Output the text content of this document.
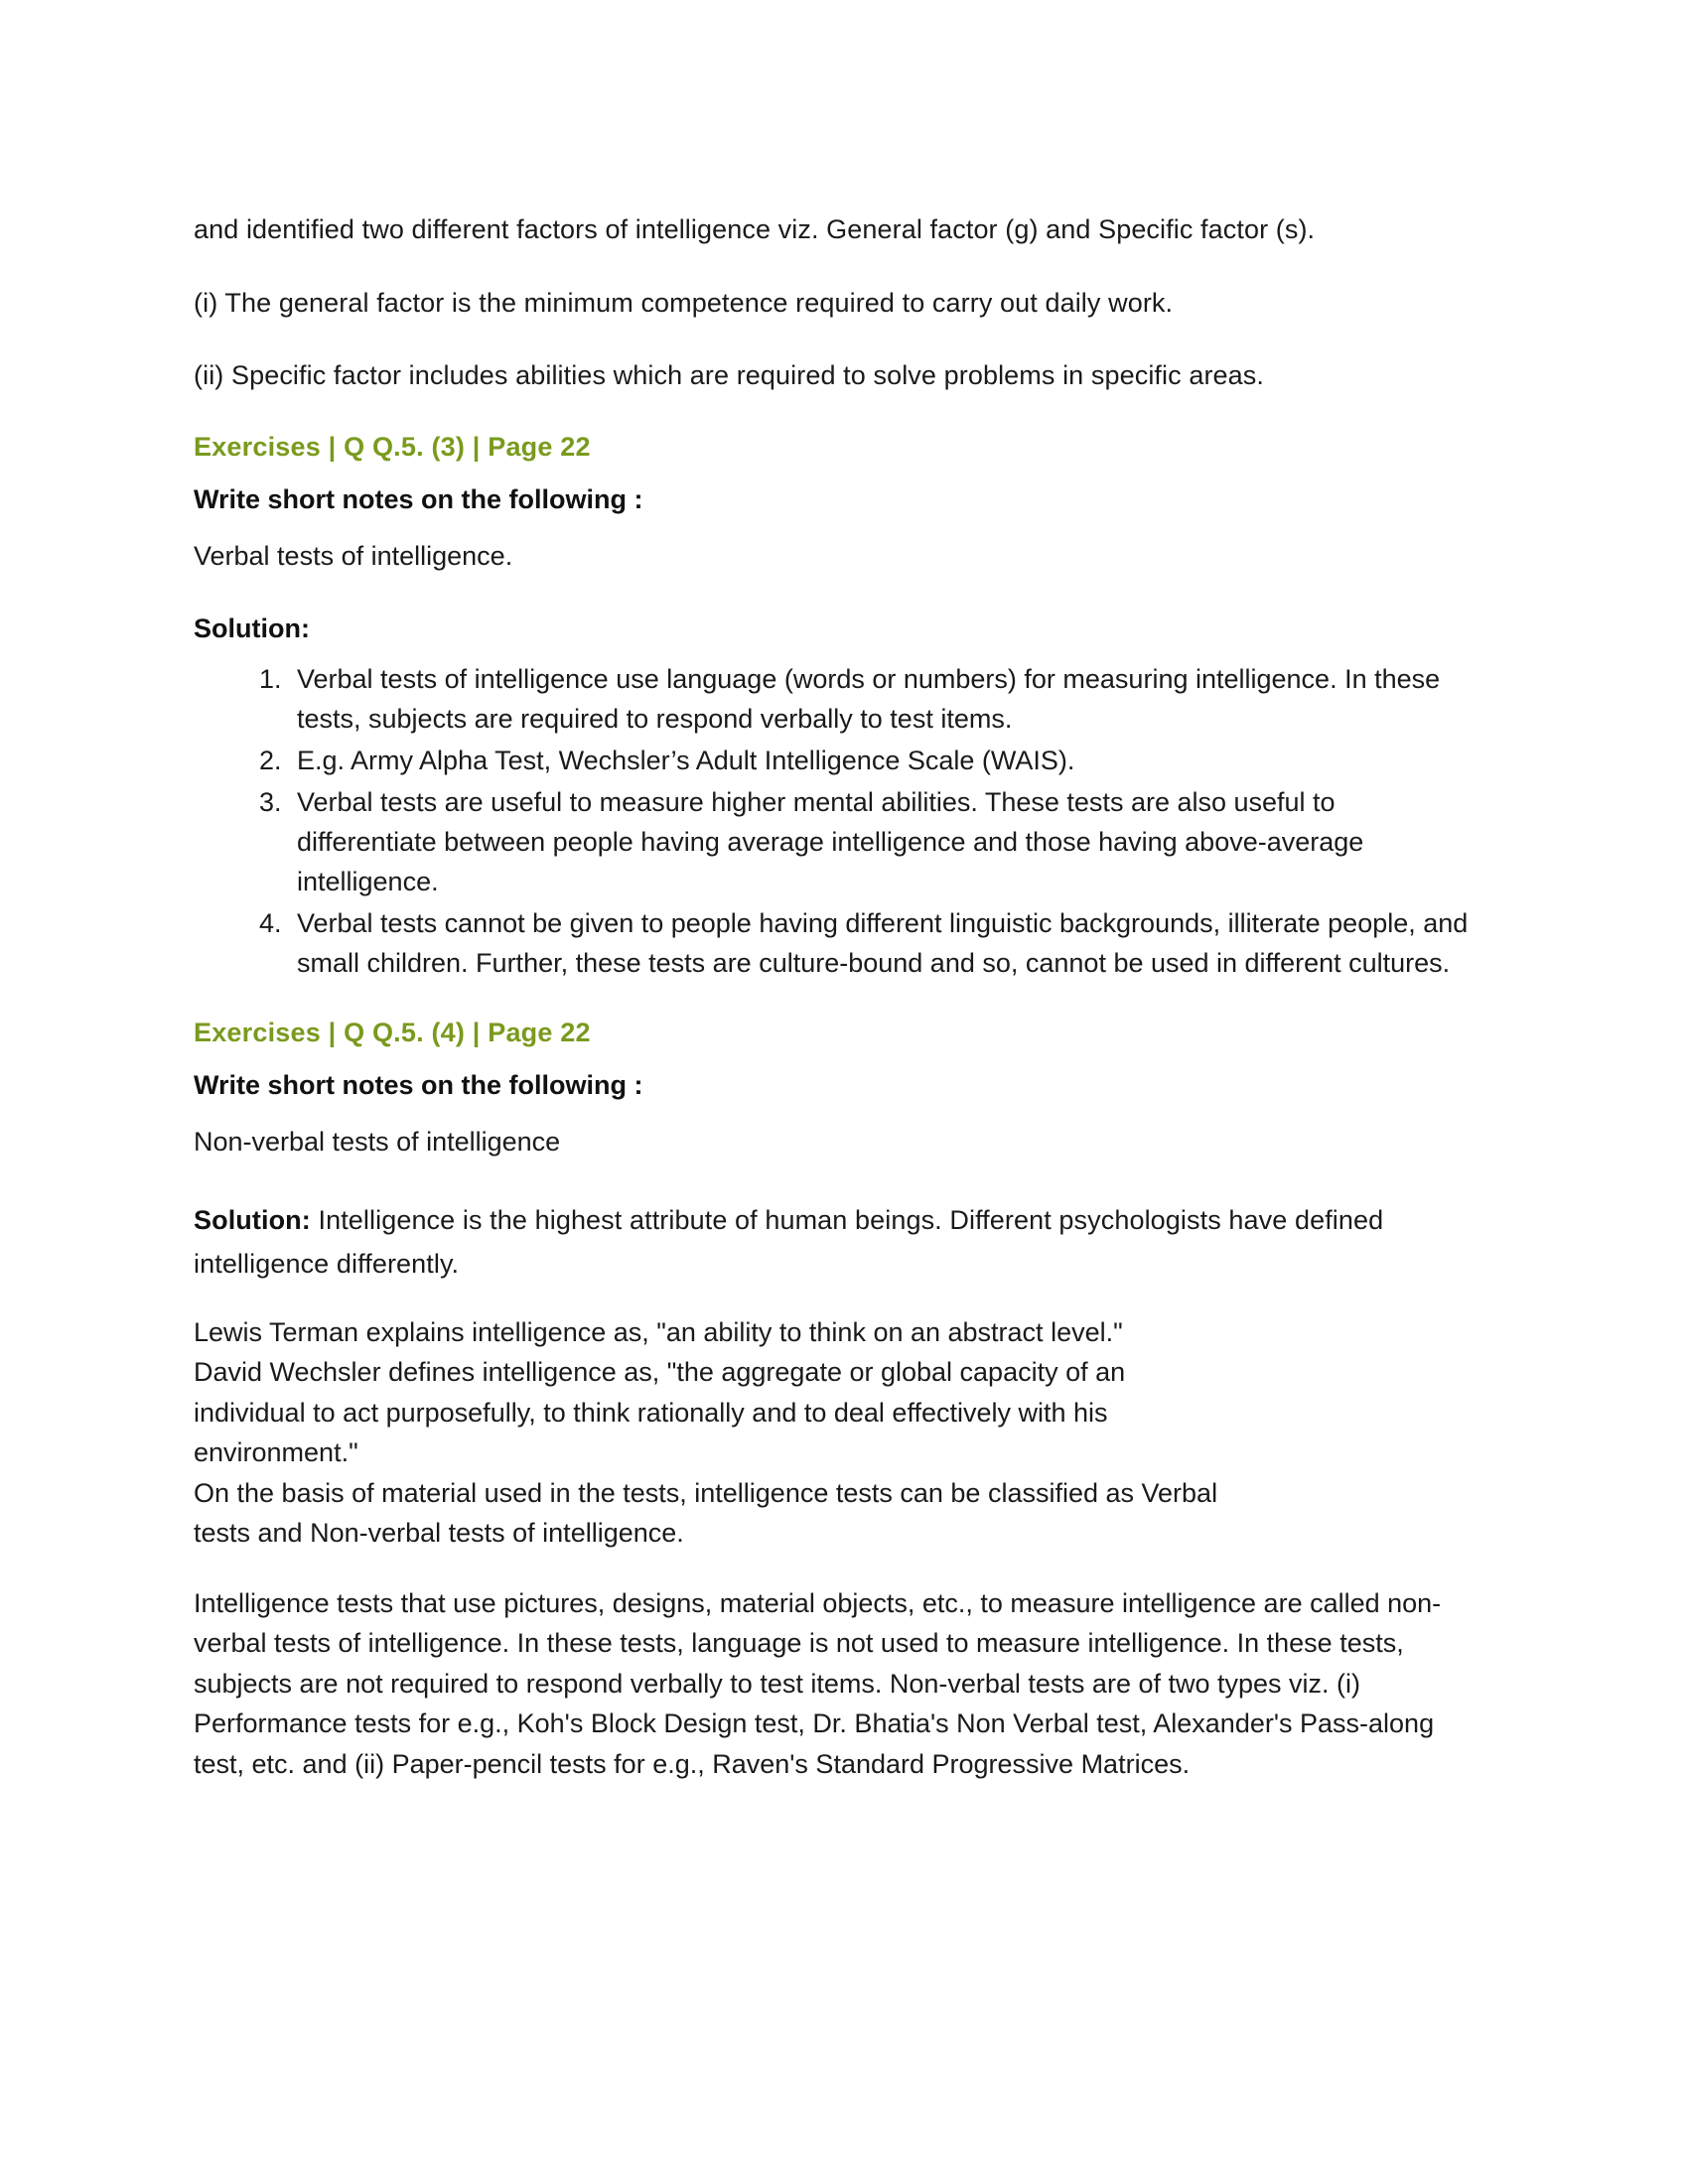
and identified two different factors of intelligence viz. General factor (g) and Specific factor (s).

(i) The general factor is the minimum competence required to carry out daily work.

(ii) Specific factor includes abilities which are required to solve problems in specific areas.

Exercises | Q Q.5. (3) | Page 22
Write short notes on the following :
Verbal tests of intelligence.
Solution:
1. Verbal tests of intelligence use language (words or numbers) for measuring intelligence. In these tests, subjects are required to respond verbally to test items.
2. E.g. Army Alpha Test, Wechsler’s Adult Intelligence Scale (WAIS).
3. Verbal tests are useful to measure higher mental abilities. These tests are also useful to differentiate between people having average intelligence and those having above-average intelligence.
4. Verbal tests cannot be given to people having different linguistic backgrounds, illiterate people, and small children. Further, these tests are culture-bound and so, cannot be used in different cultures.
Exercises | Q Q.5. (4) | Page 22
Write short notes on the following :
Non-verbal tests of intelligence

Solution: Intelligence is the highest attribute of human beings. Different psychologists have defined intelligence differently.

Lewis Terman explains intelligence as, "an ability to think on an abstract level."
David Wechsler defines intelligence as, "the aggregate or global capacity of an
individual to act purposefully, to think rationally and to deal effectively with his
environment."
On the basis of material used in the tests, intelligence tests can be classified as Verbal
tests and Non-verbal tests of intelligence.

Intelligence tests that use pictures, designs, material objects, etc., to measure intelligence are called non-verbal tests of intelligence. In these tests, language is not used to measure intelligence. In these tests, subjects are not required to respond verbally to test items. Non-verbal tests are of two types viz. (i) Performance tests for e.g., Koh's Block Design test, Dr. Bhatia's Non Verbal test, Alexander's Pass-along test, etc. and (ii) Paper-pencil tests for e.g., Raven's Standard Progressive Matrices.
